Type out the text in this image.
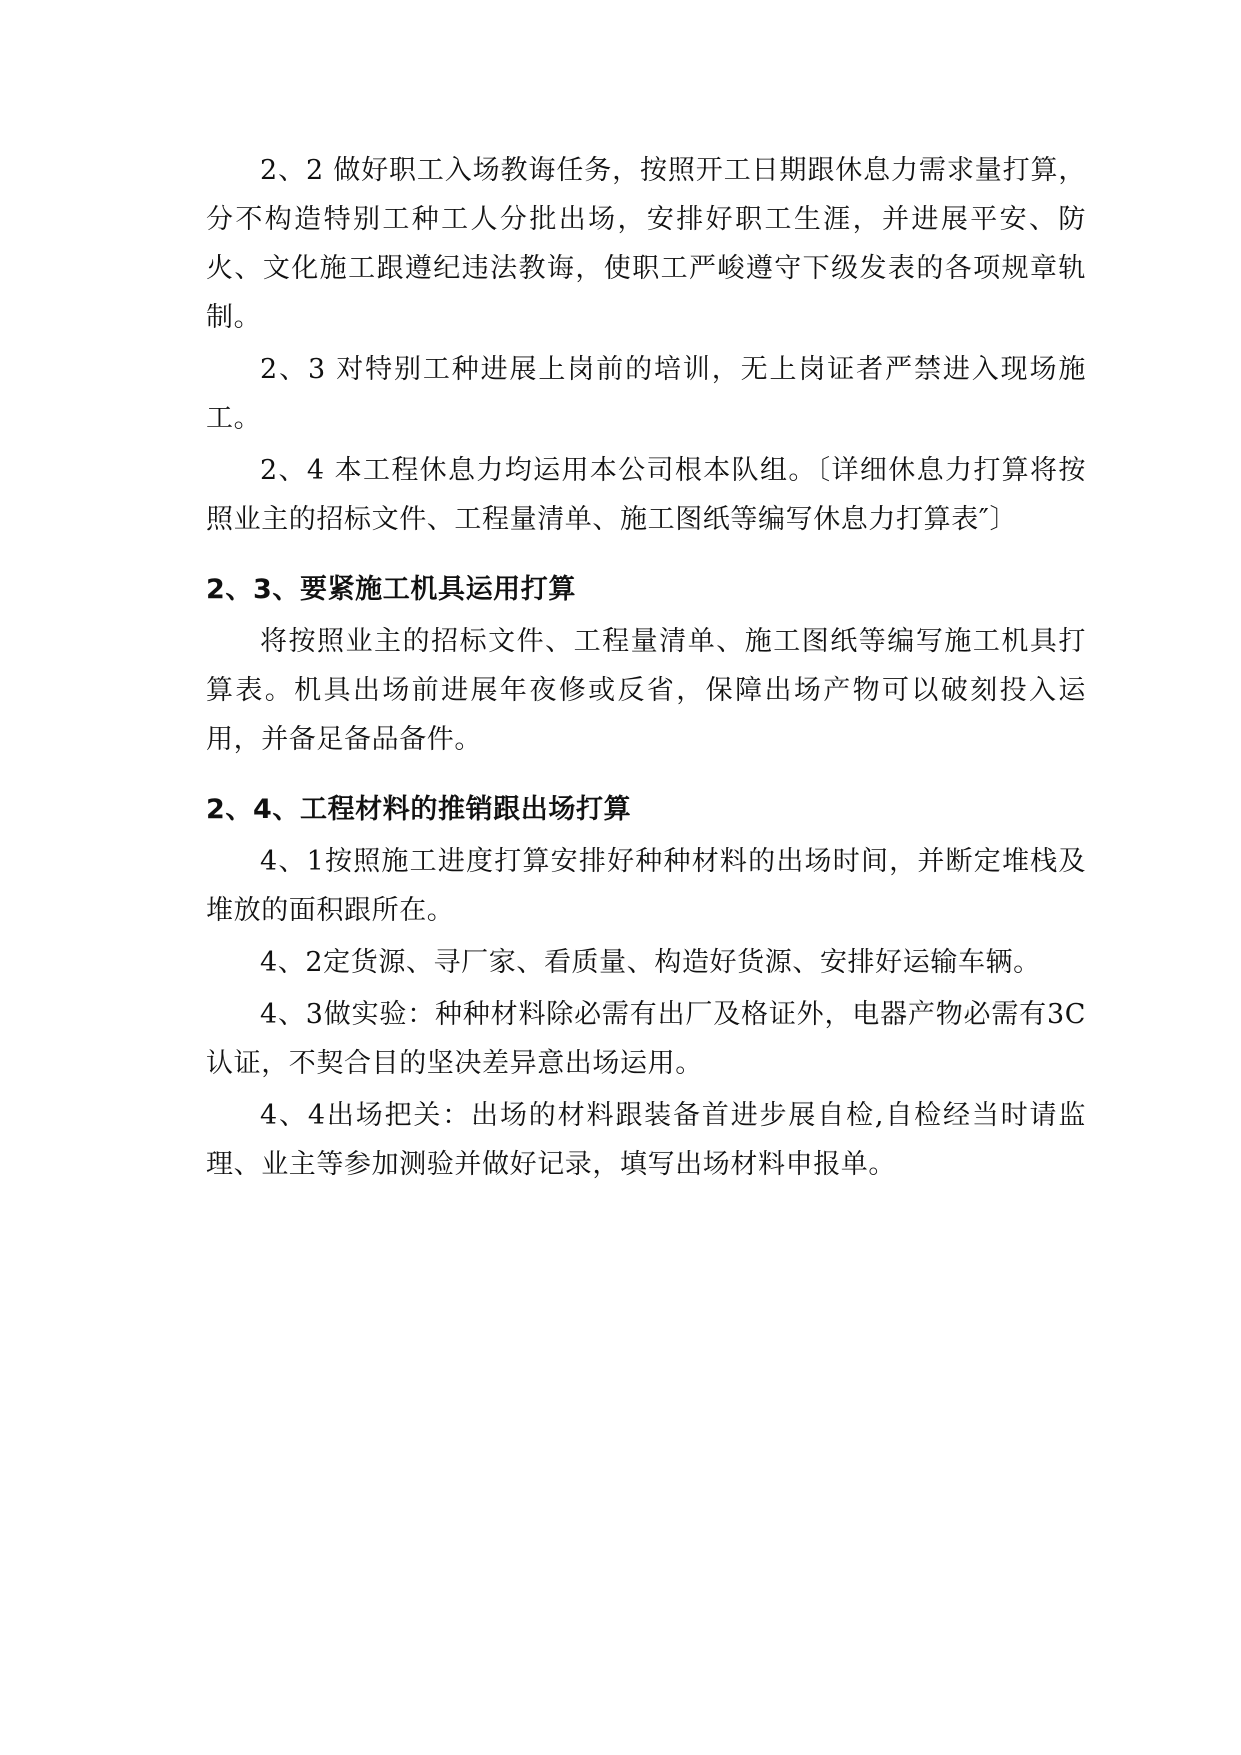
2、2 做好职工入场教诲任务，按照开工日期跟休息力需求量打算，分不构造特别工种工人分批出场，安排好职工生涯，并进展平安、防火、文化施工跟遵纪违法教诲，使职工严峻遵守下级发表的各项规章轨制。

2、3 对特别工种进展上岗前的培训，无上岗证者严禁进入现场施工。

2、4 本工程休息力均运用本公司根本队组。〔详细休息力打算将按照业主的招标文件、工程量清单、施工图纸等编写休息力打算表″〕

2、3、要紧施工机具运用打算

将按照业主的招标文件、工程量清单、施工图纸等编写施工机具打算表。机具出场前进展年夜修或反省，保障出场产物可以破刻投入运用，并备足备品备件。

2、4、工程材料的推销跟出场打算

4、1按照施工进度打算安排好种种材料的出场时间，并断定堆栈及堆放的面积跟所在。

4、2定货源、寻厂家、看质量、构造好货源、安排好运输车辆。

4、3做实验：种种材料除必需有出厂及格证外，电器产物必需有3C认证，不契合目的坚决差异意出场运用。

4、4出场把关：出场的材料跟装备首进步展自检,自检经当时请监理、业主等参加测验并做好记录，填写出场材料申报单。
